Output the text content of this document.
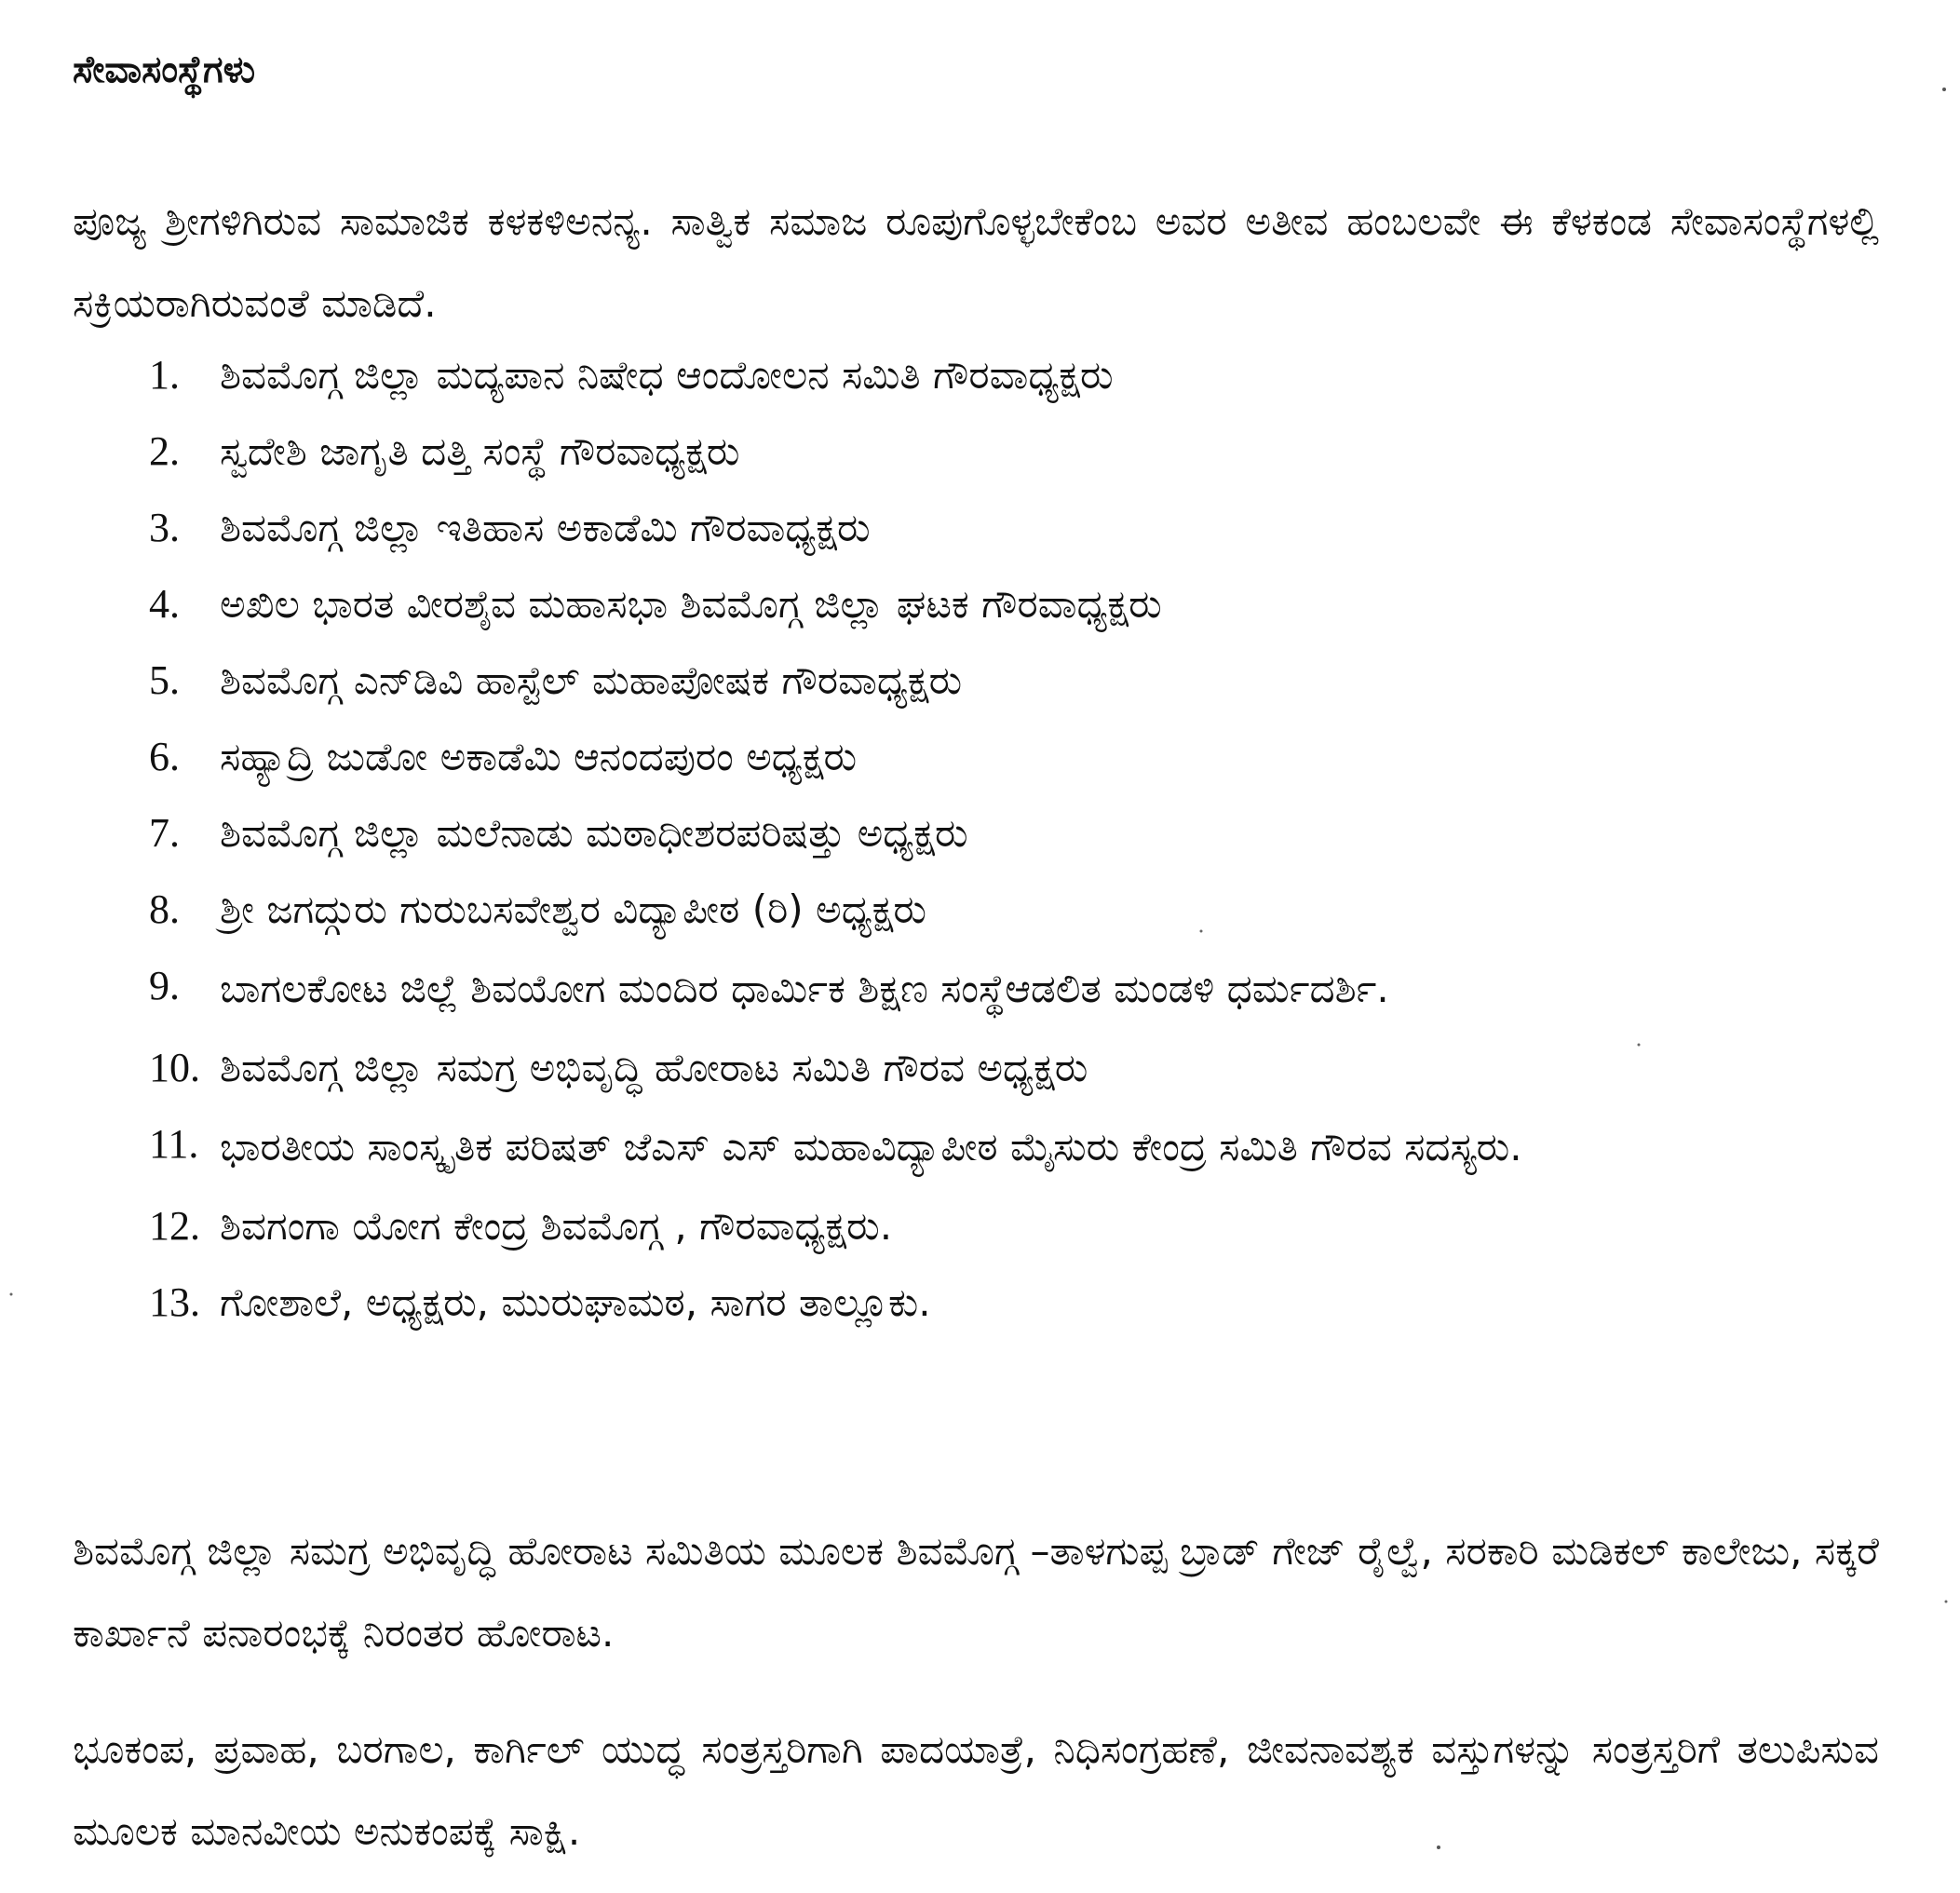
ಸೇವಾಸಂಸ್ಥೆಗಳು

ಪೂಜ್ಯ ಶ್ರೀಗಳಿಗಿರುವ ಸಾಮಾಜಿಕ ಕಳಕಳಿಅನನ್ಯ. ಸಾತ್ವಿಕ ಸಮಾಜ ರೂಪುಗೊಳ್ಳಬೇಕೆಂಬ ಅವರ ಅತೀವ ಹಂಬಲವೇ ಈ ಕೆಳಕಂಡ ಸೇವಾಸಂಸ್ಥೆಗಳಲ್ಲಿ ಸಕ್ರಿಯರಾಗಿರುವಂತೆ ಮಾಡಿದೆ.

1. ಶಿವಮೊಗ್ಗ ಜಿಲ್ಲಾ ಮದ್ಯಪಾನ ನಿಷೇಧ ಆಂದೋಲನ ಸಮಿತಿ ಗೌರವಾಧ್ಯಕ್ಷರು
2. ಸ್ವದೇಶಿ ಜಾಗೃತಿ ದತ್ತಿ ಸಂಸ್ಥೆ ಗೌರವಾಧ್ಯಕ್ಷರು
3. ಶಿವಮೊಗ್ಗ ಜಿಲ್ಲಾ ಇತಿಹಾಸ ಅಕಾಡೆಮಿ ಗೌರವಾಧ್ಯಕ್ಷರು
4. ಅಖಿಲ ಭಾರತ ವೀರಶೈವ ಮಹಾಸಭಾ ಶಿವಮೊಗ್ಗ ಜಿಲ್ಲಾ ಘಟಕ ಗೌರವಾಧ್ಯಕ್ಷರು
5. ಶಿವಮೊಗ್ಗ ಎನ್‌ಡಿವಿ ಹಾಸ್ಟೆಲ್ ಮಹಾಪೋಷಕ ಗೌರವಾಧ್ಯಕ್ಷರು
6. ಸಹ್ಯಾದ್ರಿ ಜುಡೋ ಅಕಾಡೆಮಿ ಆನಂದಪುರಂ ಅಧ್ಯಕ್ಷರು
7. ಶಿವಮೊಗ್ಗ ಜಿಲ್ಲಾ ಮಲೆನಾಡು ಮಠಾಧೀಶರಪರಿಷತ್ತು ಅಧ್ಯಕ್ಷರು
8. ಶ್ರೀ ಜಗದ್ಗುರು ಗುರುಬಸವೇಶ್ವರ ವಿದ್ಯಾಪೀಠ (ರಿ) ಅಧ್ಯಕ್ಷರು
9. ಬಾಗಲಕೋಟ ಜಿಲ್ಲೆ ಶಿವಯೋಗ ಮಂದಿರ ಧಾರ್ಮಿಕ ಶಿಕ್ಷಣ ಸಂಸ್ಥೆಆಡಲಿತ ಮಂಡಳಿ ಧರ್ಮದರ್ಶಿ.
10. ಶಿವಮೊಗ್ಗ ಜಿಲ್ಲಾ ಸಮಗ್ರ ಅಭಿವೃದ್ಧಿ ಹೋರಾಟ ಸಮಿತಿ ಗೌರವ ಅಧ್ಯಕ್ಷರು
11. ಭಾರತೀಯ ಸಾಂಸ್ಕೃತಿಕ ಪರಿಷತ್ ಜೆಎಸ್ ಎಸ್ ಮಹಾವಿದ್ಯಾಪೀಠ ಮೈಸುರು ಕೇಂದ್ರ ಸಮಿತಿ ಗೌರವ ಸದಸ್ಯರು.
12. ಶಿವಗಂಗಾ ಯೋಗ ಕೇಂದ್ರ ಶಿವಮೊಗ್ಗ , ಗೌರವಾಧ್ಯಕ್ಷರು.
13. ಗೋಶಾಲೆ, ಅಧ್ಯಕ್ಷರು, ಮುರುಘಾಮಠ, ಸಾಗರ ತಾಲ್ಲೂಕು.

ಶಿವಮೊಗ್ಗ ಜಿಲ್ಲಾ ಸಮಗ್ರ ಅಭಿವೃದ್ಧಿ ಹೋರಾಟ ಸಮಿತಿಯ ಮೂಲಕ ಶಿವಮೊಗ್ಗ –ತಾಳಗುಪ್ಪ ಬ್ರಾಡ್ ಗೇಜ್ ರೈಲ್ವೆ, ಸರಕಾರಿ ಮಡಿಕಲ್ ಕಾಲೇಜು, ಸಕ್ಕರೆ ಕಾರ್ಖಾನೆ ಪನಾರಂಭಕ್ಕೆ ನಿರಂತರ ಹೋರಾಟ.

ಭೂಕಂಪ, ಪ್ರವಾಹ, ಬರಗಾಲ, ಕಾರ್ಗಿಲ್ ಯುದ್ಧ ಸಂತ್ರಸ್ತರಿಗಾಗಿ ಪಾದಯಾತ್ರೆ, ನಿಧಿಸಂಗ್ರಹಣೆ, ಜೀವನಾವಶ್ಯಕ ವಸ್ತುಗಳನ್ನು ಸಂತ್ರಸ್ತರಿಗೆ ತಲುಪಿಸುವ ಮೂಲಕ ಮಾನವೀಯ ಅನುಕಂಪಕ್ಕೆ ಸಾಕ್ಷಿ.
